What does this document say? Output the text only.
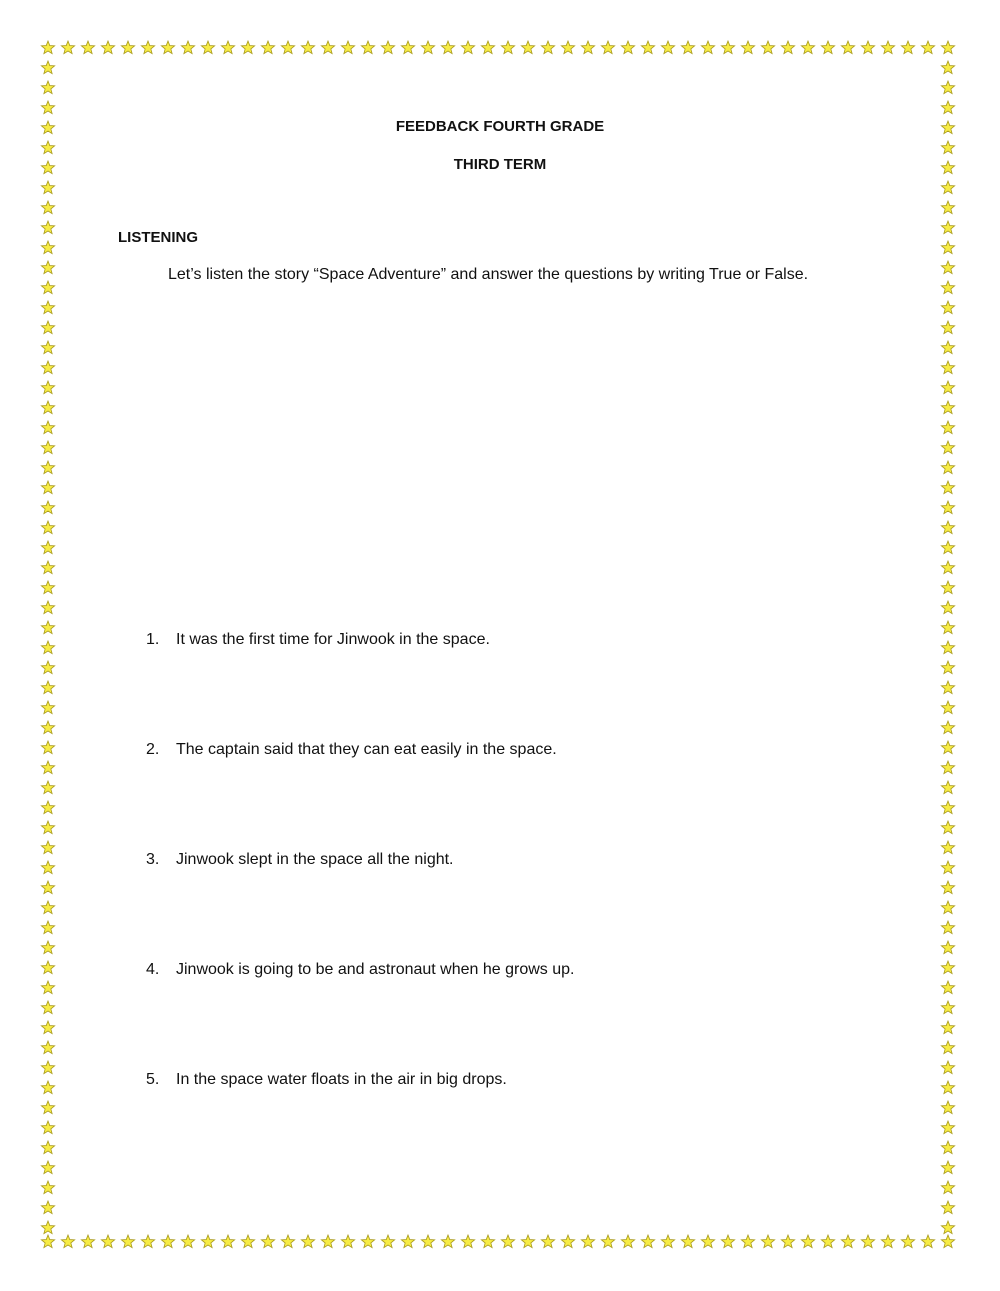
FEEDBACK FOURTH GRADE
THIRD TERM
LISTENING
Let’s listen the story “Space Adventure” and answer the questions by writing True or False.
1. It was the first time for Jinwook in the space.
2. The captain said that they can eat easily in the space.
3. Jinwook slept in the space all the night.
4. Jinwook is going to be and astronaut when he grows up.
5. In the space water floats in the air in big drops.
